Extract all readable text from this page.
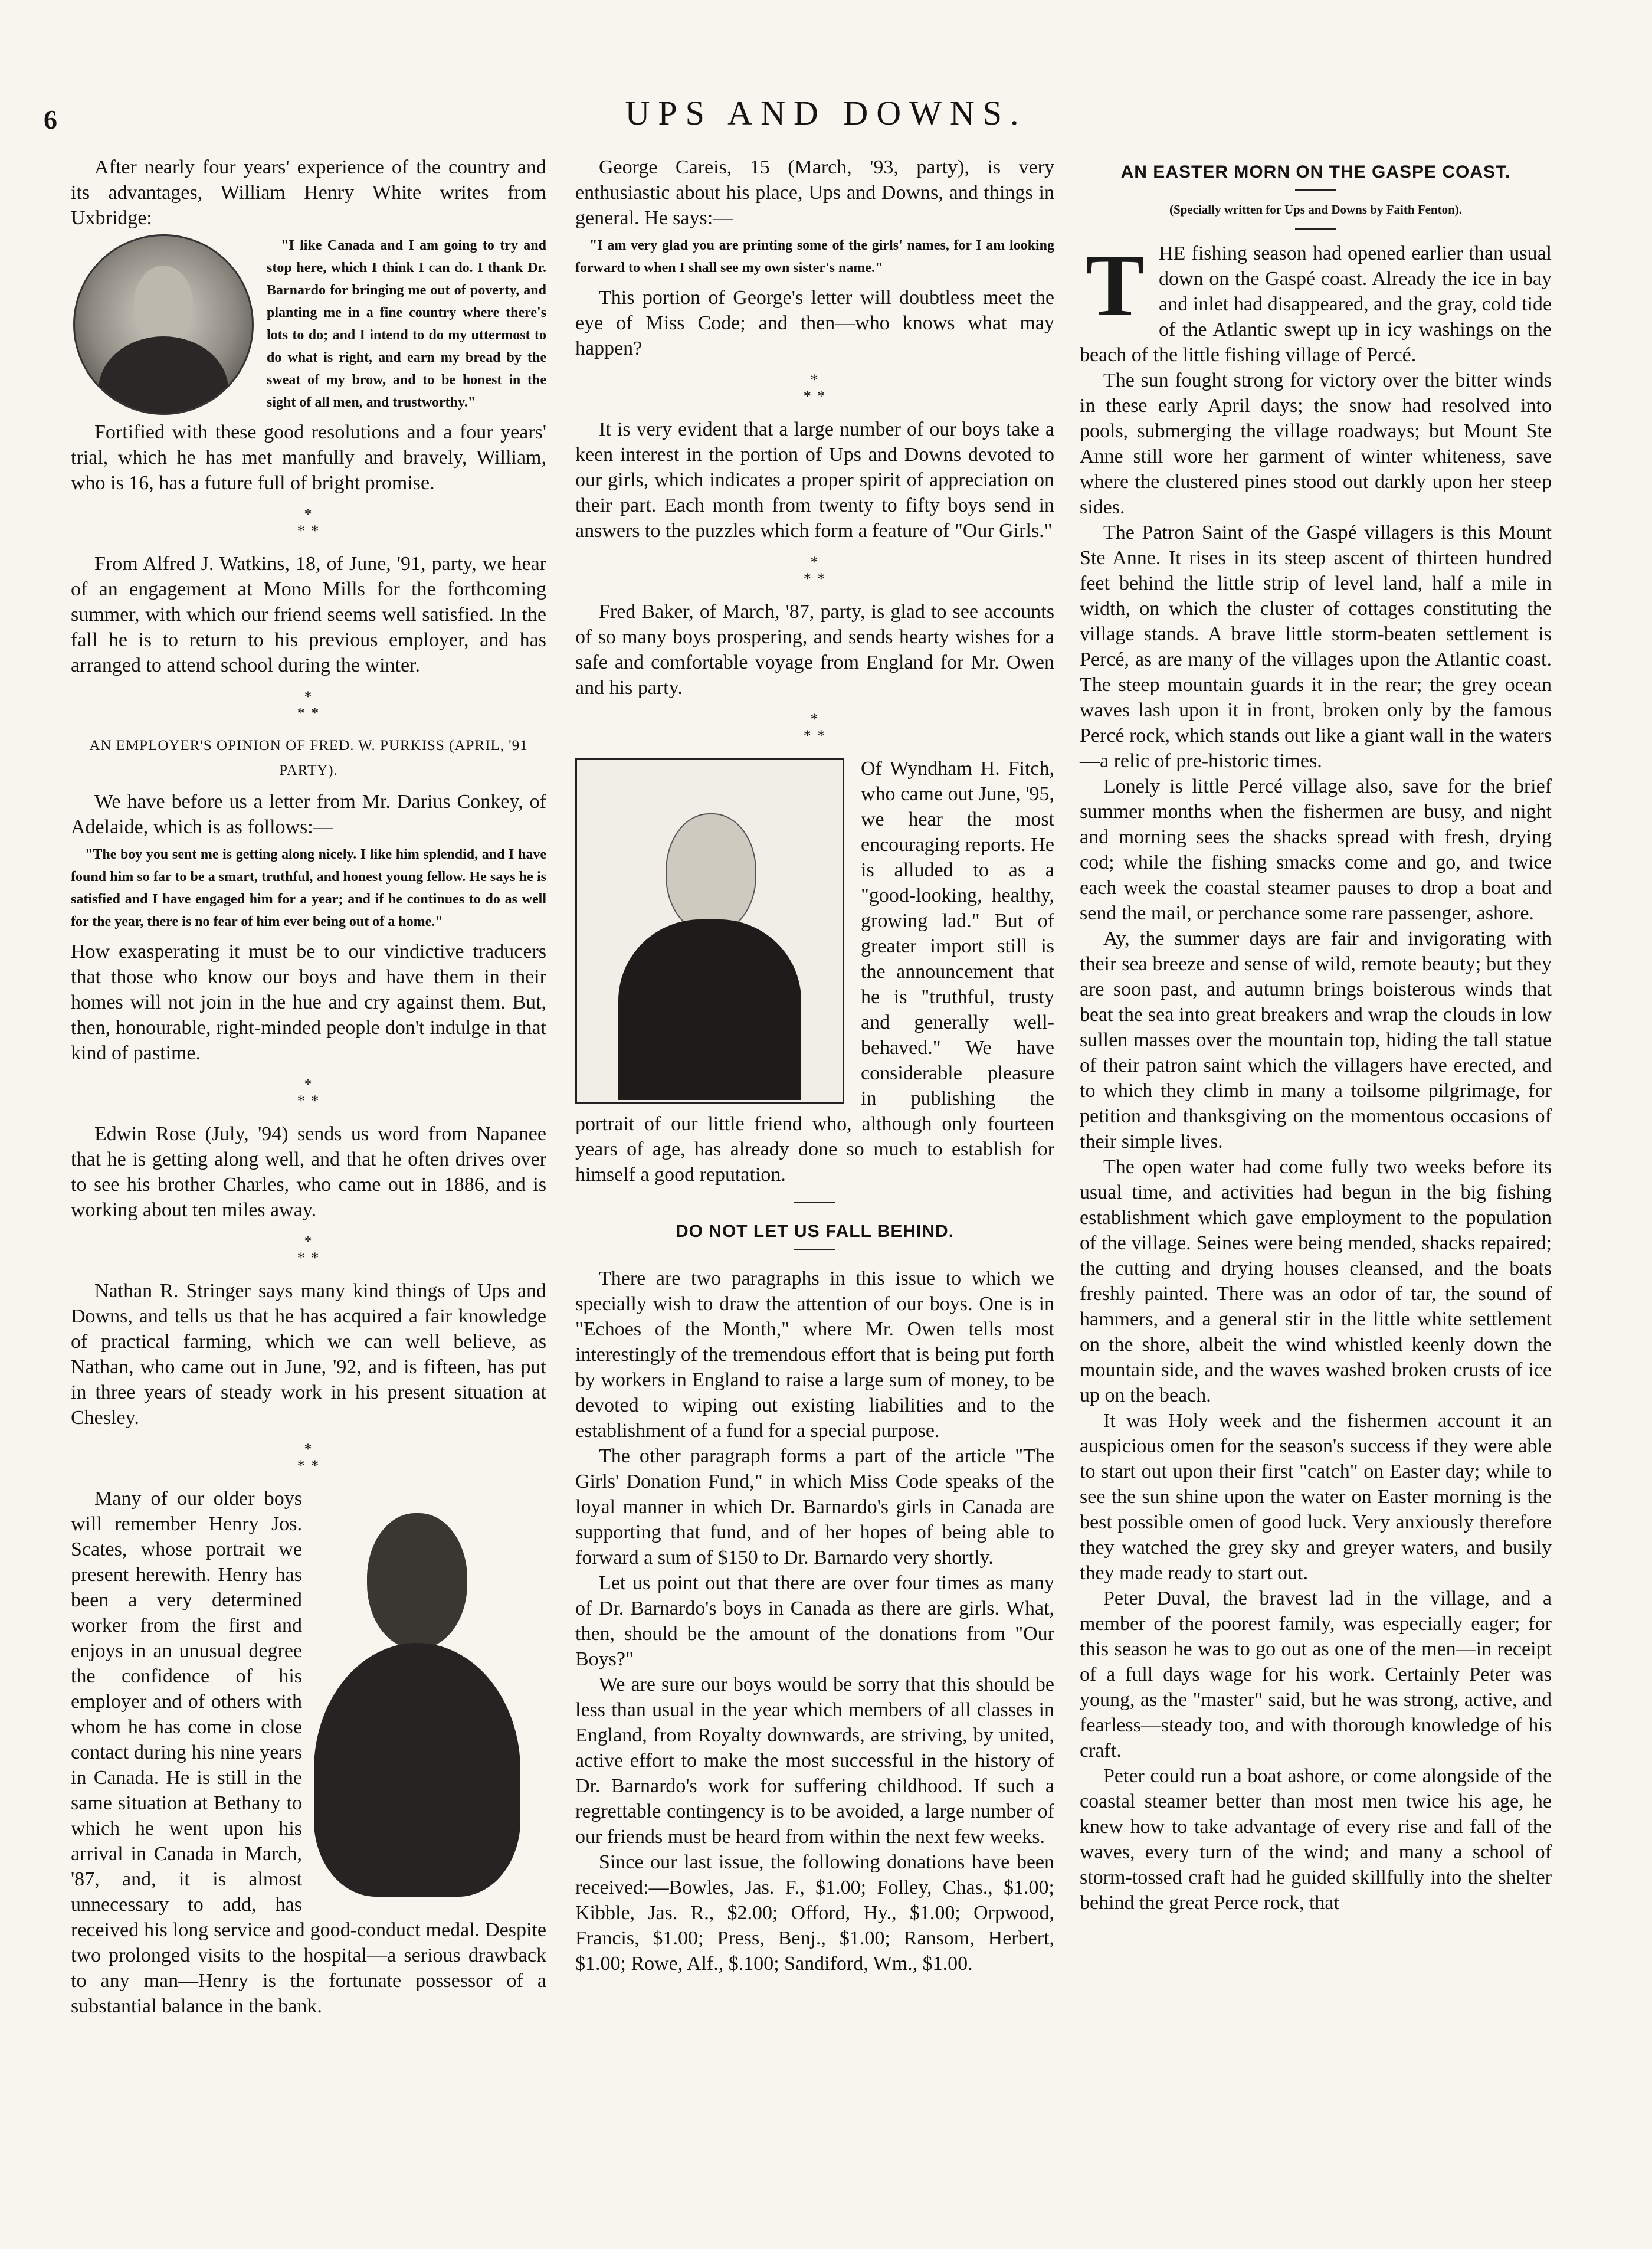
6	UPS AND DOWNS.

After nearly four years' experience of the country and its advantages, William Henry White writes from Uxbridge:

"I like Canada and I am going to try and stop here, which I think I can do. I thank Dr. Barnardo for bringing me out of poverty, and planting me in a fine country where there's lots to do; and I intend to do my uttermost to do what is right, and earn my bread by the sweat of my brow, and to be honest in the sight of all men, and trustworthy."

Fortified with these good resolutions and a four years' trial, which he has met manfully and bravely, William, who is 16, has a future full of bright promise.

*
* *

From Alfred J. Watkins, 18, of June, '91, party, we hear of an engagement at Mono Mills for the forthcoming summer, with which our friend seems well satisfied. In the fall he is to return to his previous employer, and has arranged to attend school during the winter.

*
* *
AN EMPLOYER'S OPINION OF FRED. W. PURKISS (APRIL, '91 PARTY).

We have before us a letter from Mr. Darius Conkey, of Adelaide, which is as follows:—

"The boy you sent me is getting along nicely. I like him splendid, and I have found him so far to be a smart, truthful, and honest young fellow. He says he is satisfied and I have engaged him for a year; and if he continues to do as well for the year, there is no fear of him ever being out of a home."

How exasperating it must be to our vindictive traducers that those who know our boys and have them in their homes will not join in the hue and cry against them. But, then, honourable, right-minded people don't indulge in that kind of pastime.

*
* *

Edwin Rose (July, '94) sends us word from Napanee that he is getting along well, and that he often drives over to see his brother Charles, who came out in 1886, and is working about ten miles away.

*
* *

Nathan R. Stringer says many kind things of Ups and Downs, and tells us that he has acquired a fair knowledge of practical farming, which we can well believe, as Nathan, who came out in June, '92, and is fifteen, has put in three years of steady work in his present situation at Chesley.

*
* *

Many of our older boys will remember Henry Jos. Scates, whose portrait we present herewith. Henry has been a very determined worker from the first and enjoys in an unusual degree the confidence of his employer and of others with whom he has come in close contact during his nine years in Canada. He is still in the same situation at Bethany to which he went upon his arrival in Canada in March, '87, and, it is almost unnecessary to add, has received his long service and good-conduct medal. Despite two prolonged visits to the hospital—a serious drawback to any man—Henry is the fortunate possessor of a substantial balance in the bank.

George Careis, 15 (March, '93, party), is very enthusiastic about his place, Ups and Downs, and things in general. He says:—

"I am very glad you are printing some of the girls' names, for I am looking forward to when I shall see my own sister's name."

This portion of George's letter will doubtless meet the eye of Miss Code; and then—who knows what may happen?

*
* *

It is very evident that a large number of our boys take a keen interest in the portion of Ups and Downs devoted to our girls, which indicates a proper spirit of appreciation on their part. Each month from twenty to fifty boys send in answers to the puzzles which form a feature of "Our Girls."

*
* *

Fred Baker, of March, '87, party, is glad to see accounts of so many boys prospering, and sends hearty wishes for a safe and comfortable voyage from England for Mr. Owen and his party.

*
* *

Of Wyndham H. Fitch, who came out June, '95, we hear the most encouraging reports. He is alluded to as a "good-looking, healthy, growing lad." But of greater import still is the announcement that he is "truthful, trusty and generally well-behaved." We have considerable pleasure in publishing the portrait of our little friend who, although only fourteen years of age, has already done so much to establish for himself a good reputation.

DO NOT LET US FALL BEHIND.

There are two paragraphs in this issue to which we specially wish to draw the attention of our boys. One is in "Echoes of the Month," where Mr. Owen tells most interestingly of the tremendous effort that is being put forth by workers in England to raise a large sum of money, to be devoted to wiping out existing liabilities and to the establishment of a fund for a special purpose.

The other paragraph forms a part of the article "The Girls' Donation Fund," in which Miss Code speaks of the loyal manner in which Dr. Barnardo's girls in Canada are supporting that fund, and of her hopes of being able to forward a sum of $150 to Dr. Barnardo very shortly.

Let us point out that there are over four times as many of Dr. Barnardo's boys in Canada as there are girls. What, then, should be the amount of the donations from "Our Boys?"

We are sure our boys would be sorry that this should be less than usual in the year which members of all classes in England, from Royalty downwards, are striving, by united, active effort to make the most successful in the history of Dr. Barnardo's work for suffering childhood. If such a regrettable contingency is to be avoided, a large number of our friends must be heard from within the next few weeks.

Since our last issue, the following donations have been received:—Bowles, Jas. F., $1.00; Folley, Chas., $1.00; Kibble, Jas. R., $2.00; Offord, Hy., $1.00; Orpwood, Francis, $1.00; Press, Benj., $1.00; Ransom, Herbert, $1.00; Rowe, Alf., $.100; Sandiford, Wm., $1.00.

AN EASTER MORN ON THE GASPE COAST.
(Specially written for Ups and Downs by Faith Fenton).
T HE fishing season had opened earlier than usual down on the Gaspé coast. Already the ice in bay and inlet had disappeared, and the gray, cold tide of the Atlantic swept up in icy washings on the beach of the little fishing village of Percé.

The sun fought strong for victory over the bitter winds in these early April days; the snow had resolved into pools, submerging the village roadways; but Mount Ste Anne still wore her garment of winter whiteness, save where the clustered pines stood out darkly upon her steep sides.

The Patron Saint of the Gaspé villagers is this Mount Ste Anne. It rises in its steep ascent of thirteen hundred feet behind the little strip of level land, half a mile in width, on which the cluster of cottages constituting the village stands. A brave little storm-beaten settlement is Percé, as are many of the villages upon the Atlantic coast. The steep mountain guards it in the rear; the grey ocean waves lash upon it in front, broken only by the famous Percé rock, which stands out like a giant wall in the waters—a relic of pre-historic times.

Lonely is little Percé village also, save for the brief summer months when the fishermen are busy, and night and morning sees the shacks spread with fresh, drying cod; while the fishing smacks come and go, and twice each week the coastal steamer pauses to drop a boat and send the mail, or perchance some rare passenger, ashore.

Ay, the summer days are fair and invigorating with their sea breeze and sense of wild, remote beauty; but they are soon past, and autumn brings boisterous winds that beat the sea into great breakers and wrap the clouds in low sullen masses over the mountain top, hiding the tall statue of their patron saint which the villagers have erected, and to which they climb in many a toilsome pilgrimage, for petition and thanksgiving on the momentous occasions of their simple lives.

The open water had come fully two weeks before its usual time, and activities had begun in the big fishing establishment which gave employment to the population of the village. Seines were being mended, shacks repaired; the cutting and drying houses cleansed, and the boats freshly painted. There was an odor of tar, the sound of hammers, and a general stir in the little white settlement on the shore, albeit the wind whistled keenly down the mountain side, and the waves washed broken crusts of ice up on the beach.

It was Holy week and the fishermen account it an auspicious omen for the season's success if they were able to start out upon their first "catch" on Easter day; while to see the sun shine upon the water on Easter morning is the best possible omen of good luck. Very anxiously therefore they watched the grey sky and greyer waters, and busily they made ready to start out.

Peter Duval, the bravest lad in the village, and a member of the poorest family, was especially eager; for this season he was to go out as one of the men—in receipt of a full days wage for his work. Certainly Peter was young, as the "master" said, but he was strong, active, and fearless—steady too, and with thorough knowledge of his craft.

Peter could run a boat ashore, or come alongside of the coastal steamer better than most men twice his age, he knew how to take advantage of every rise and fall of the waves, every turn of the wind; and many a school of storm-tossed craft had he guided skillfully into the shelter behind the great Perce rock, that
